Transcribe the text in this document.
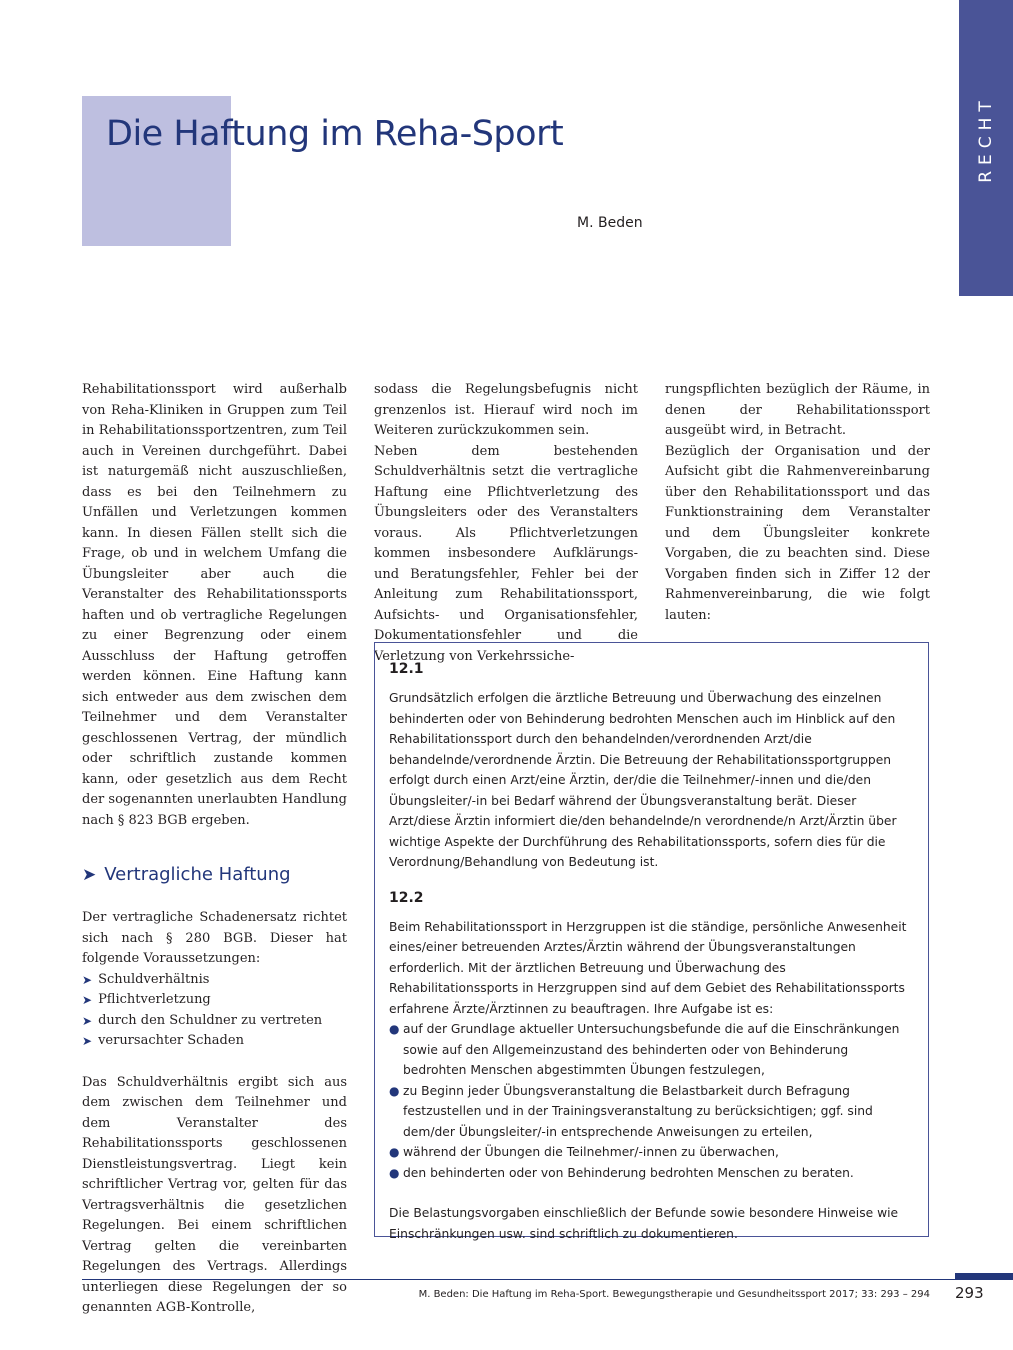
RECHT
Die Haftung im Reha-Sport
M. Beden

Rehabilitationssport wird außerhalb von Reha-Kliniken in Gruppen zum Teil in Rehabilitationssportzentren, zum Teil auch in Vereinen durchgeführt. Dabei ist naturgemäß nicht auszuschließen, dass es bei den Teilnehmern zu Unfällen und Verletzungen kommen kann. In diesen Fällen stellt sich die Frage, ob und in welchem Umfang die Übungsleiter aber auch die Veranstalter des Rehabilitationssports haften und ob vertragliche Regelungen zu einer Begrenzung oder einem Ausschluss der Haftung getroffen werden können. Eine Haftung kann sich entweder aus dem zwischen dem Teilnehmer und dem Veranstalter geschlossenen Vertrag, der mündlich oder schriftlich zustande kommen kann, oder gesetzlich aus dem Recht der sogenannten unerlaubten Handlung nach § 823 BGB ergeben.

➤ Vertragliche Haftung

Der vertragliche Schadenersatz richtet sich nach § 280 BGB. Dieser hat folgende Voraussetzungen:

➤ Schuldverhältnis
➤ Pflichtverletzung
➤ durch den Schuldner zu vertreten
➤ verursachter Schaden

Das Schuldverhältnis ergibt sich aus dem zwischen dem Teilnehmer und dem Veranstalter des Rehabilitationssports geschlossenen Dienstleistungsvertrag. Liegt kein schriftlicher Vertrag vor, gelten für das Vertragsverhältnis die gesetzlichen Regelungen. Bei einem schriftlichen Vertrag gelten die vereinbarten Regelungen des Vertrags. Allerdings unterliegen diese Regelungen der so genannten AGB-Kontrolle,

sodass die Regelungsbefugnis nicht grenzenlos ist. Hierauf wird noch im Weiteren zurückzukommen sein.

Neben dem bestehenden Schuldverhältnis setzt die vertragliche Haftung eine Pflichtverletzung des Übungsleiters oder des Veranstalters voraus. Als Pflichtverletzungen kommen insbesondere Aufklärungs- und Beratungsfehler, Fehler bei der Anleitung zum Rehabilitationssport, Aufsichts- und Organisationsfehler, Dokumentationsfehler und die Verletzung von Verkehrssiche-

rungspflichten bezüglich der Räume, in denen der Rehabilitationssport ausgeübt wird, in Betracht.

Bezüglich der Organisation und der Aufsicht gibt die Rahmenvereinbarung über den Rehabilitationssport und das Funktionstraining dem Veranstalter und dem Übungsleiter konkrete Vorgaben, die zu beachten sind. Diese Vorgaben finden sich in Ziffer 12 der Rahmenvereinbarung, die wie folgt lauten:

12.1

Grundsätzlich erfolgen die ärztliche Betreuung und Überwachung des einzelnen behinderten oder von Behinderung bedrohten Menschen auch im Hinblick auf den Rehabilitationssport durch den behandelnden/verordnenden Arzt/die behandelnde/verordnende Ärztin. Die Betreuung der Rehabilitationssportgruppen erfolgt durch einen Arzt/eine Ärztin, der/die die Teilnehmer/-innen und die/den Übungsleiter/-in bei Bedarf während der Übungsveranstaltung berät. Dieser Arzt/diese Ärztin informiert die/den behandelnde/n verordnende/n Arzt/Ärztin über wichtige Aspekte der Durchführung des Rehabilitationssports, sofern dies für die Verordnung/Behandlung von Bedeutung ist.

12.2

Beim Rehabilitationssport in Herzgruppen ist die ständige, persönliche Anwesenheit eines/einer betreuenden Arztes/Ärztin während der Übungsveranstaltungen erforderlich. Mit der ärztlichen Betreuung und Überwachung des Rehabilitationssports in Herzgruppen sind auf dem Gebiet des Rehabilitationssports erfahrene Ärzte/Ärztinnen zu beauftragen. Ihre Aufgabe ist es:

● auf der Grundlage aktueller Untersuchungsbefunde die auf die Einschränkungen sowie auf den Allgemeinzustand des behinderten oder von Behinderung bedrohten Menschen abgestimmten Übungen festzulegen,
● zu Beginn jeder Übungsveranstaltung die Belastbarkeit durch Befragung festzustellen und in der Trainingsveranstaltung zu berücksichtigen; ggf. sind dem/der Übungsleiter/-in entsprechende Anweisungen zu erteilen,
● während der Übungen die Teilnehmer/-innen zu überwachen,
● den behinderten oder von Behinderung bedrohten Menschen zu beraten.

Die Belastungsvorgaben einschließlich der Befunde sowie besondere Hinweise wie Einschränkungen usw. sind schriftlich zu dokumentieren.

M. Beden: Die Haftung im Reha-Sport. Bewegungstherapie und Gesundheitssport 2017; 33: 293 – 294 293
